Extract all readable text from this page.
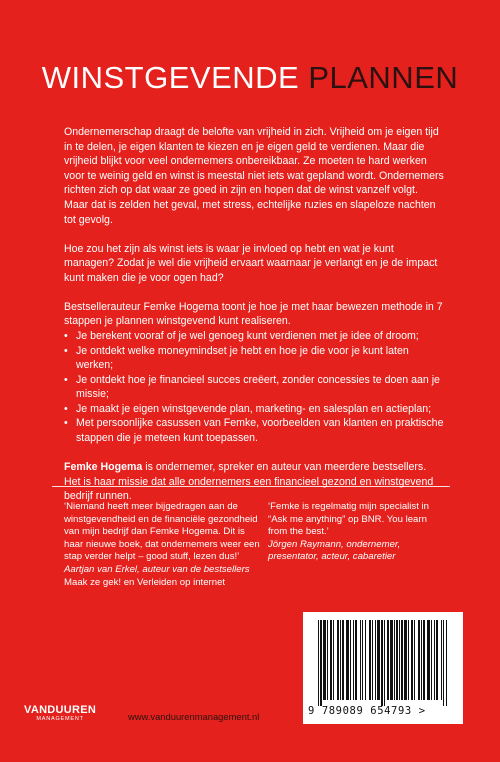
WINSTGEVENDE PLANNEN

Ondernemerschap draagt de belofte van vrijheid in zich. Vrijheid om je eigen tijd in te delen, je eigen klanten te kiezen en je eigen geld te verdienen. Maar die vrijheid blijkt voor veel ondernemers onbereikbaar. Ze moeten te hard werken voor te weinig geld en winst is meestal niet iets wat gepland wordt. Ondernemers richten zich op dat waar ze goed in zijn en hopen dat de winst vanzelf volgt. Maar dat is zelden het geval, met stress, echtelijke ruzies en slapeloze nachten tot gevolg.

Hoe zou het zijn als winst iets is waar je invloed op hebt en wat je kunt managen? Zodat je wel die vrijheid ervaart waarnaar je verlangt en je de impact kunt maken die je voor ogen had?

Bestsellerauteur Femke Hogema toont je hoe je met haar bewezen methode in 7 stappen je plannen winstgevend kunt realiseren.

• Je berekent vooraf of je wel genoeg kunt verdienen met je idee of droom;
• Je ontdekt welke moneymindset je hebt en hoe je die voor je kunt laten werken;
• Je ontdekt hoe je financieel succes creëert, zonder concessies te doen aan je missie;
• Je maakt je eigen winstgevende plan, marketing- en salesplan en actieplan;
• Met persoonlijke casussen van Femke, voorbeelden van klanten en praktische stappen die je meteen kunt toepassen.

Femke Hogema is ondernemer, spreker en auteur van meerdere bestsellers. Het is haar missie dat alle ondernemers een financieel gezond en winstgevend bedrijf runnen.

‘Niemand heeft meer bijgedragen aan de winstgevendheid en de financiële gezondheid van mijn bedrijf dan Femke Hogema. Dit is haar nieuwe boek, dat ondernemers weer een stap verder helpt – good stuff, lezen dus!’
Aartjan van Erkel, auteur van de bestsellers
Maak ze gek! en Verleiden op internet
‘Femke is regelmatig mijn specialist in “Ask me anything” op BNR. You learn from the best.’
Jörgen Raymann, ondernemer, presentator, acteur, cabaretier
VANDUUREN
MANAGEMENT	www.vanduurenmanagement.nl	9 789089 654793 >
